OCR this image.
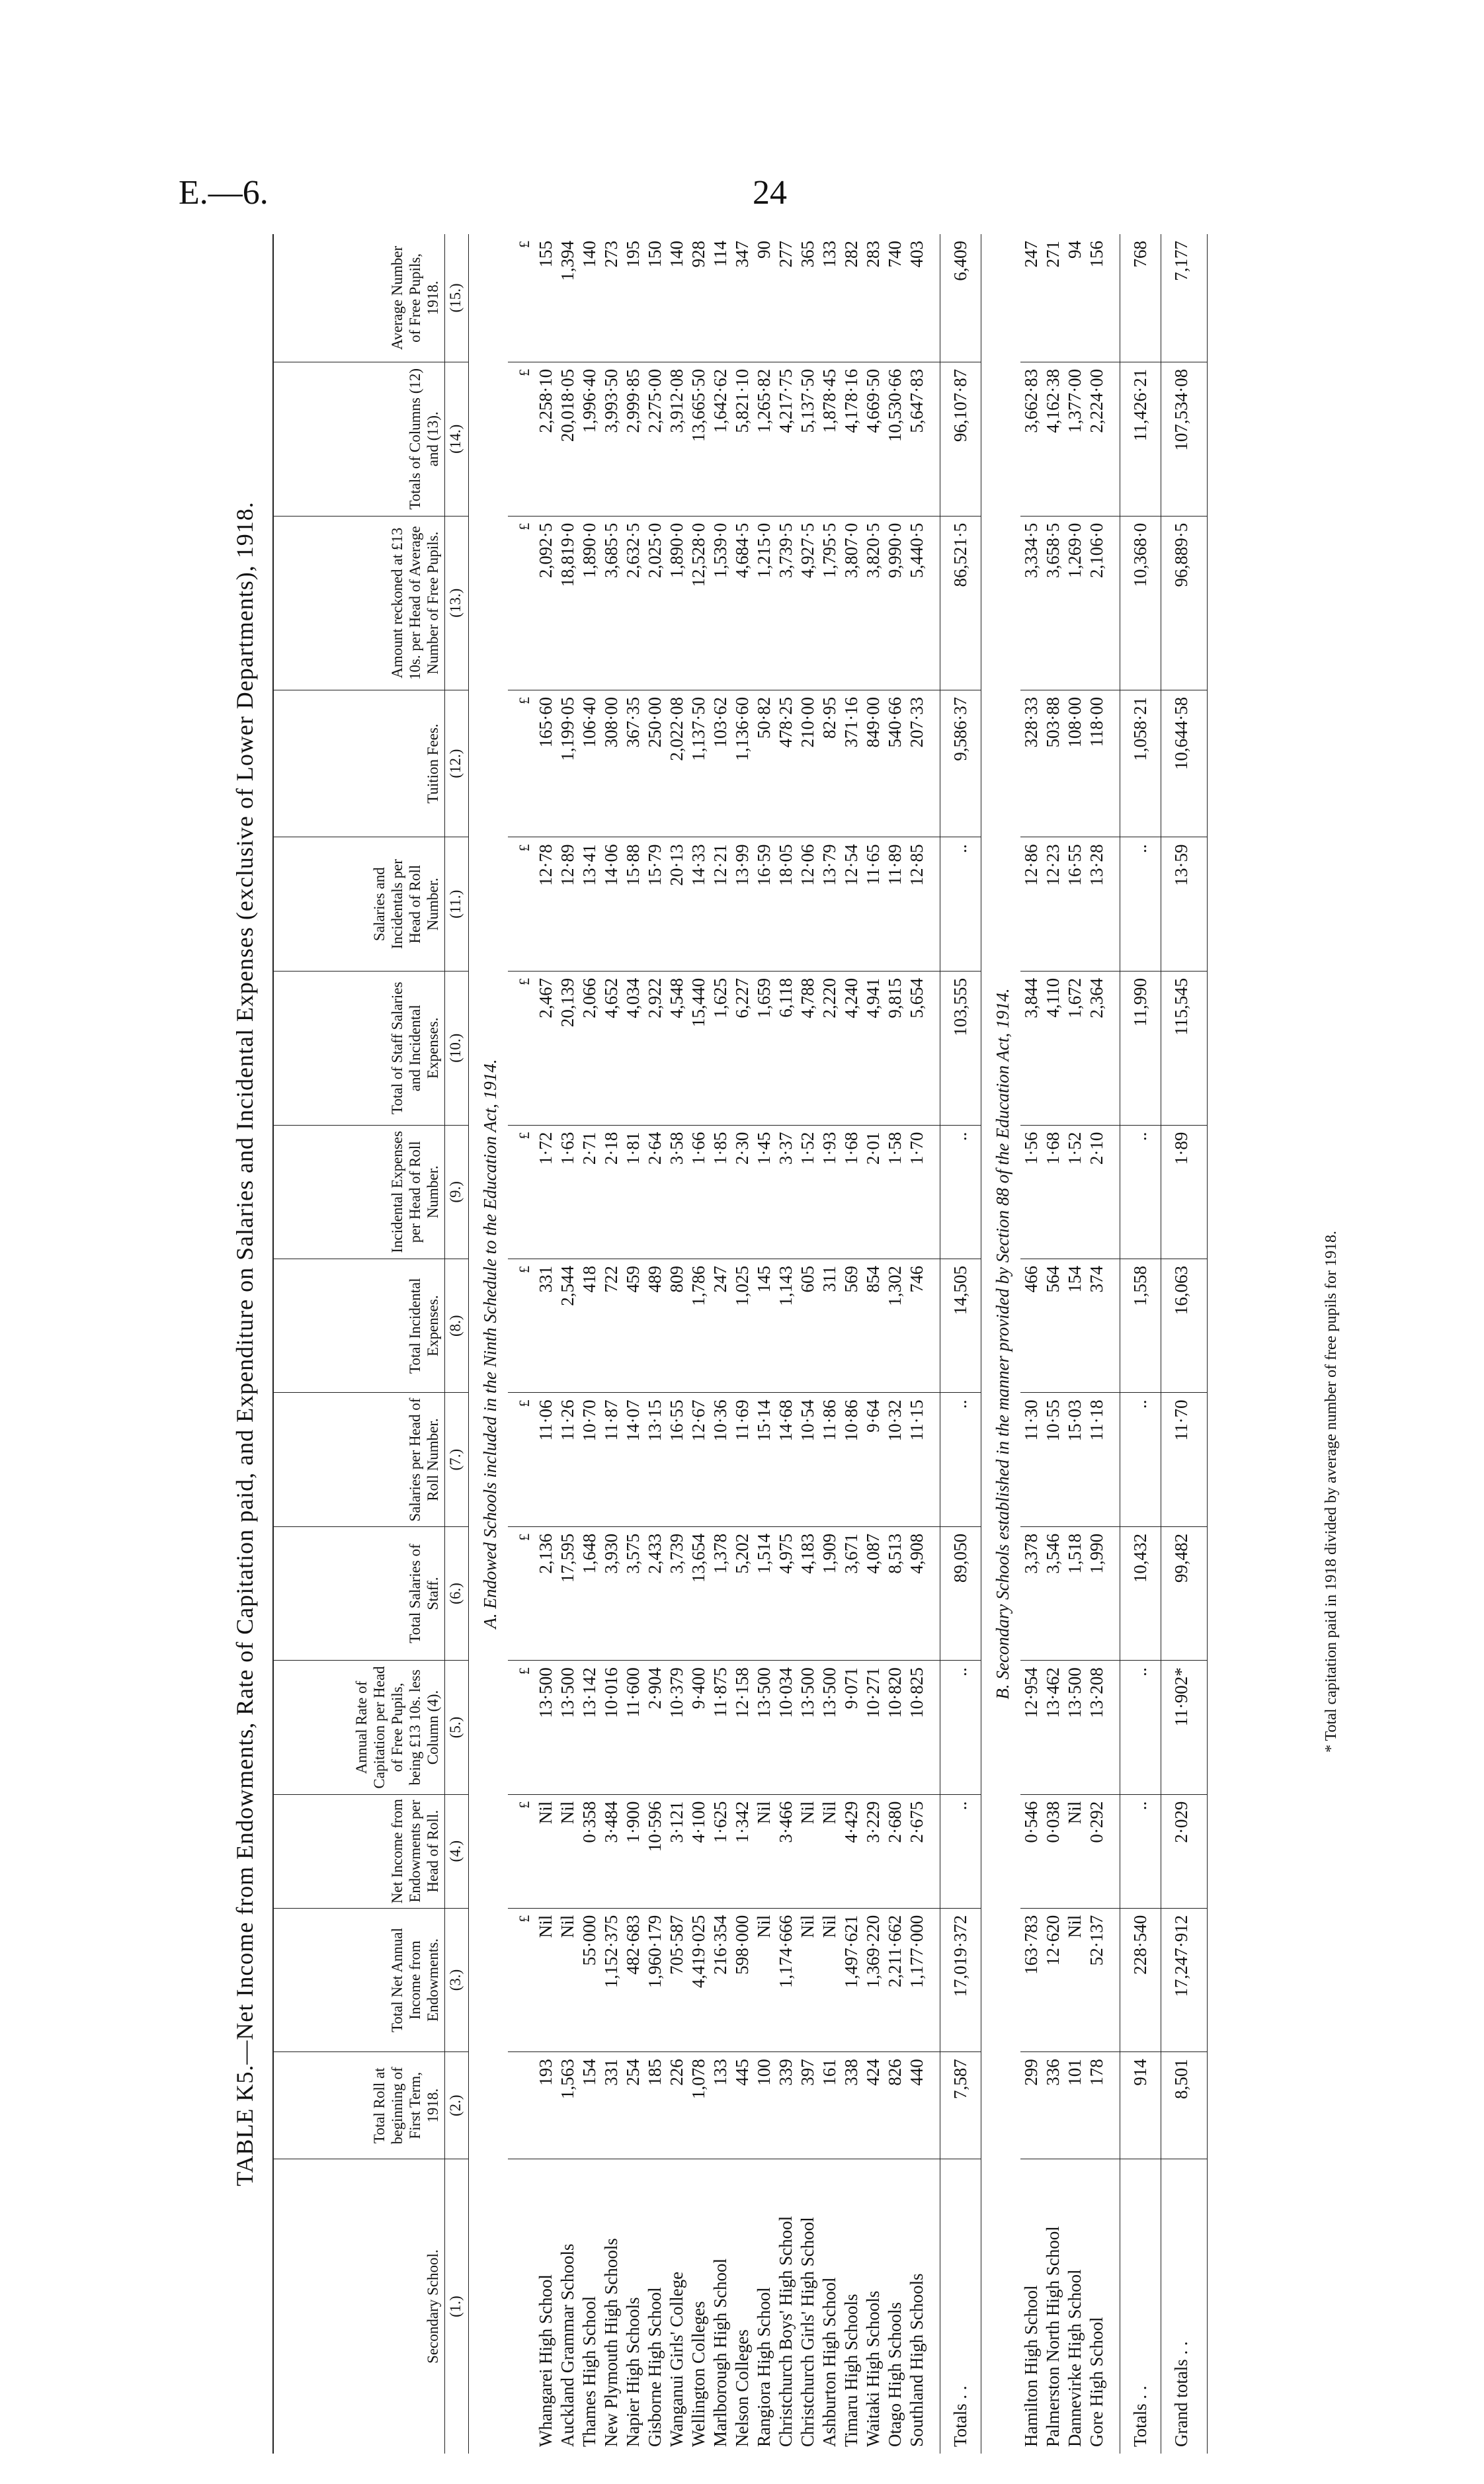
E.—6.	24
TABLE K5.—Net Income from Endowments, Rate of Capitation paid, and Expenditure on Salaries and Incidental Expenses (exclusive of Lower Departments), 1918.
Secondary School.	Total Roll at beginning of First Term, 1918.	Total Net Annual Income from Endowments.	Net Income from Endowments per Head of Roll.	Annual Rate of Capitation per Head of Free Pupils, being £13 10s. less Column (4).	Total Salaries of Staff.	Salaries per Head of Roll Number.	Total Incidental Expenses.	Incidental Expenses per Head of Roll Number.	Total of Staff Salaries and Incidental Expenses.	Salaries and Incidentals per Head of Roll Number.	Tuition Fees.	Amount reckoned at £13 10s. per Head of Average Number of Free Pupils.	Totals of Columns (12) and (13).	Average Number of Free Pupils, 1918.
(1.)	(2.)	(3.)	(4.)	(5.)	(6.)	(7.)	(8.)	(9.)	(10.)	(11.)	(12.)	(13.)	(14.)	(15.)
A. Endowed Schools included in the Ninth Schedule to the Education Act, 1914.														
		£	£	£	£	£	£	£	£	£	£	£	£	£
Whangarei High School	193	Nil	Nil	13·500	2,136	11·06	331	1·72	2,467	12·78	165·60	2,092·5	2,258·10	155
Auckland Grammar Schools	1,563	Nil	Nil	13·500	17,595	11·26	2,544	1·63	20,139	12·89	1,199·05	18,819·0	20,018·05	1,394
Thames High School	154	55·000	0·358	13·142	1,648	10·70	418	2·71	2,066	13·41	106·40	1,890·0	1,996·40	140
New Plymouth High Schools	331	1,152·375	3·484	10·016	3,930	11·87	722	2·18	4,652	14·06	308·00	3,685·5	3,993·50	273
Napier High Schools	254	482·683	1·900	11·600	3,575	14·07	459	1·81	4,034	15·88	367·35	2,632·5	2,999·85	195
Gisborne High School	185	1,960·179	10·596	2·904	2,433	13·15	489	2·64	2,922	15·79	250·00	2,025·0	2,275·00	150
Wanganui Girls' College	226	705·587	3·121	10·379	3,739	16·55	809	3·58	4,548	20·13	2,022·08	1,890·0	3,912·08	140
Wellington Colleges	1,078	4,419·025	4·100	9·400	13,654	12·67	1,786	1·66	15,440	14·33	1,137·50	12,528·0	13,665·50	928
Marlborough High School	133	216·354	1·625	11·875	1,378	10·36	247	1·85	1,625	12·21	103·62	1,539·0	1,642·62	114
Nelson Colleges	445	598·000	1·342	12·158	5,202	11·69	1,025	2·30	6,227	13·99	1,136·60	4,684·5	5,821·10	347
Rangiora High School	100	Nil	Nil	13·500	1,514	15·14	145	1·45	1,659	16·59	50·82	1,215·0	1,265·82	90
Christchurch Boys' High School	339	1,174·666	3·466	10·034	4,975	14·68	1,143	3·37	6,118	18·05	478·25	3,739·5	4,217·75	277
Christchurch Girls' High School	397	Nil	Nil	13·500	4,183	10·54	605	1·52	4,788	12·06	210·00	4,927·5	5,137·50	365
Ashburton High School	161	Nil	Nil	13·500	1,909	11·86	311	1·93	2,220	13·79	82·95	1,795·5	1,878·45	133
Timaru High Schools	338	1,497·621	4·429	9·071	3,671	10·86	569	1·68	4,240	12·54	371·16	3,807·0	4,178·16	282
Waitaki High Schools	424	1,369·220	3·229	10·271	4,087	9·64	854	2·01	4,941	11·65	849·00	3,820·5	4,669·50	283
Otago High Schools	826	2,211·662	2·680	10·820	8,513	10·32	1,302	1·58	9,815	11·89	540·66	9,990·0	10,530·66	740
Southland High Schools	440	1,177·000	2·675	10·825	4,908	11·15	746	1·70	5,654	12·85	207·33	5,440·5	5,647·83	403

Totals . .	7,587	17,019·372	..	..	89,050	..	14,505	..	103,555	..	9,586·37	86,521·5	96,107·87	6,409
B. Secondary Schools established in the manner provided by Section 88 of the Education Act, 1914.														
Hamilton High School	299	163·783	0·546	12·954	3,378	11·30	466	1·56	3,844	12·86	328·33	3,334·5	3,662·83	247
Palmerston North High School	336	12·620	0·038	13·462	3,546	10·55	564	1·68	4,110	12·23	503·88	3,658·5	4,162·38	271
Dannevirke High School	101	Nil	Nil	13·500	1,518	15·03	154	1·52	1,672	16·55	108·00	1,269·0	1,377·00	94
Gore High School	178	52·137	0·292	13·208	1,990	11·18	374	2·10	2,364	13·28	118·00	2,106·0	2,224·00	156

Totals . .	914	228·540	..	..	10,432	..	1,558	..	11,990	..	1,058·21	10,368·0	11,426·21	768
Grand totals . .	8,501	17,247·912	2·029	11·902*	99,482	11·70	16,063	1·89	115,545	13·59	10,644·58	96,889·5	107,534·08	7,177
* Total capitation paid in 1918 divided by average number of free pupils for 1918.
